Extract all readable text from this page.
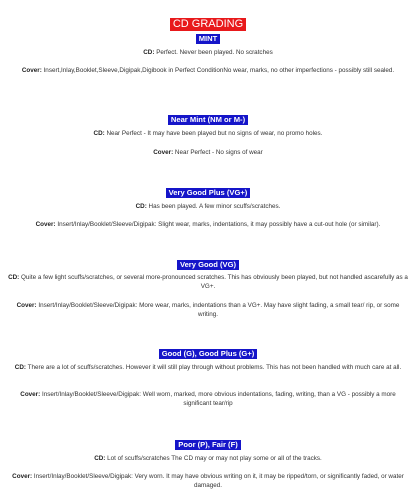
CD GRADING
MINT
CD: Perfect. Never been played. No scratches
Cover: Insert,Inlay,Booklet,Sleeve,Digipak,Digibook in Perfect ConditionNo wear, marks, no other imperfections - possibly still sealed.
Near Mint (NM or M-)
CD: Near Perfect - It may have been played but no signs of wear, no promo holes.
Cover: Near Perfect - No signs of wear
Very Good Plus (VG+)
CD: Has been played. A few minor scuffs/scratches.
Cover: Insert/Inlay/Booklet/Sleeve/Digipak: Slight wear, marks, indentations, it may possibly have a cut-out hole (or similar).
Very Good (VG)
CD: Quite a few light scuffs/scratches, or several more-pronounced scratches. This has obviously been played, but not handled ascarefully as a VG+.
Cover: Insert/Inlay/Booklet/Sleeve/Digipak: More wear, marks, indentations than a VG+. May have slight fading, a small tear/ rip, or some writing.
Good (G), Good Plus (G+)
CD: There are a lot of scuffs/scratches. However it will still play through without problems. This has not been handled with much care at all.
Cover: Insert/Inlay/Booklet/Sleeve/Digipak: Well worn, marked, more obvious indentations, fading, writing, than a VG - possibly a more significant tear/rip
Poor (P), Fair (F)
CD: Lot of scuffs/scratches The CD may or may not play some or all of the tracks.
Cover: Insert/Inlay/Booklet/Sleeve/Digipak: Very worn. It may have obvious writing on it, it may be ripped/torn, or significantly faded, or water damaged.
